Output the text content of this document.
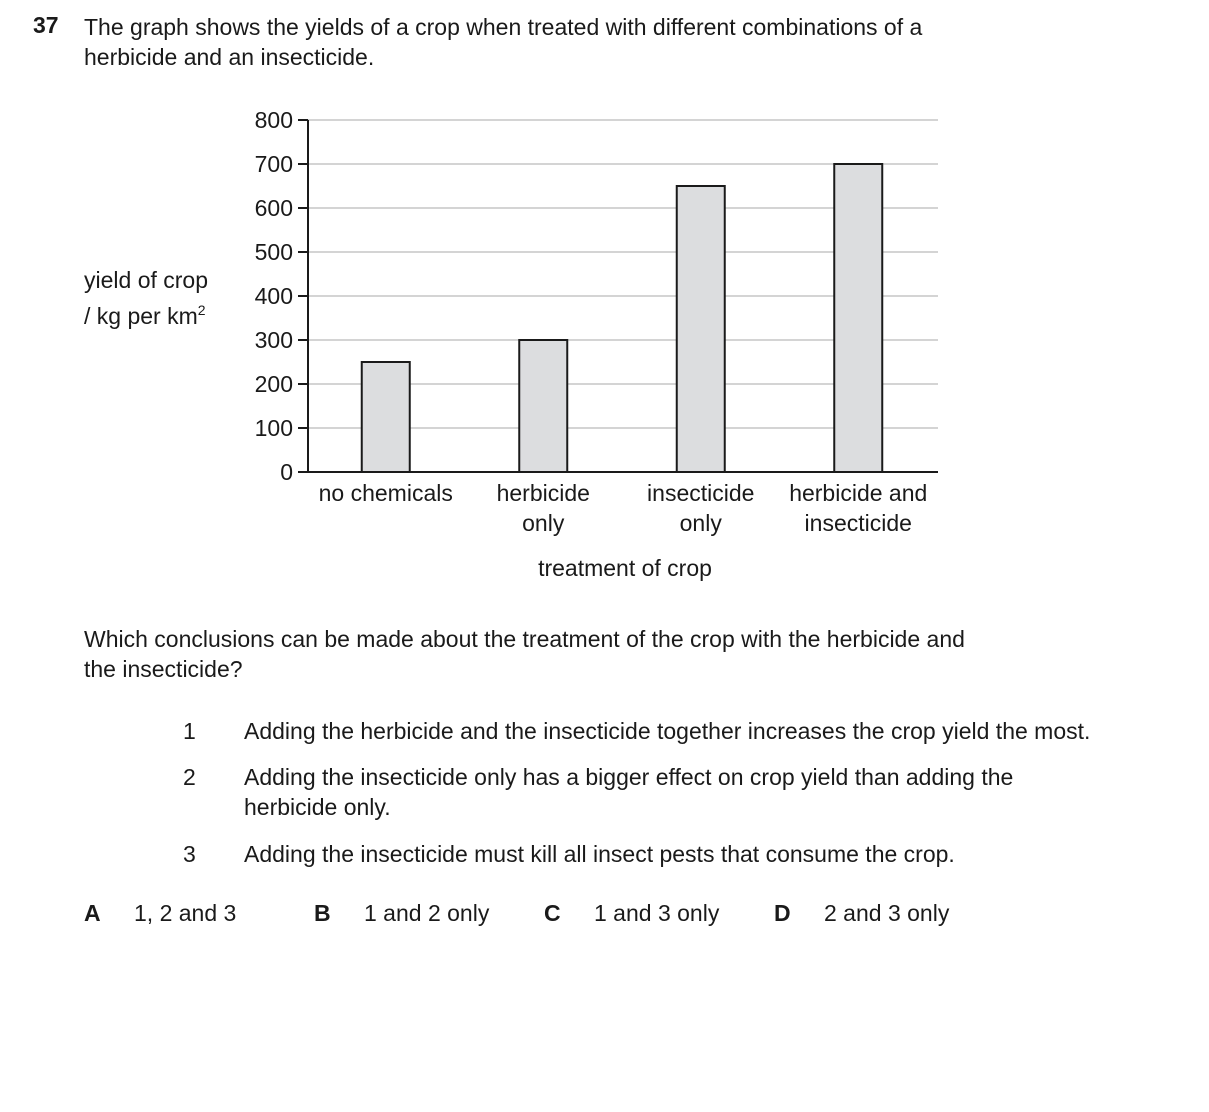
37 The graph shows the yields of a crop when treated with different combinations of a
herbicide and an insecticide.

yield of crop
/ kg per $km^2$
0
100
200
300
400
500
600
700
800
no chemicals herbicide
only
insecticide
only
herbicide and
insecticide
treatment of crop

Which conclusions can be made about the treatment of the crop with the herbicide and
the insecticide?

1	Adding the herbicide and the insecticide together increases the crop yield the most.
2	Adding the insecticide only has a bigger effect on crop yield than adding the
herbicide only.
3	Adding the insecticide must kill all insect pests that consume the crop.
A 1, 2 and 3	B 1 and 2 only C 1 and 3 only D 2 and 3 only
